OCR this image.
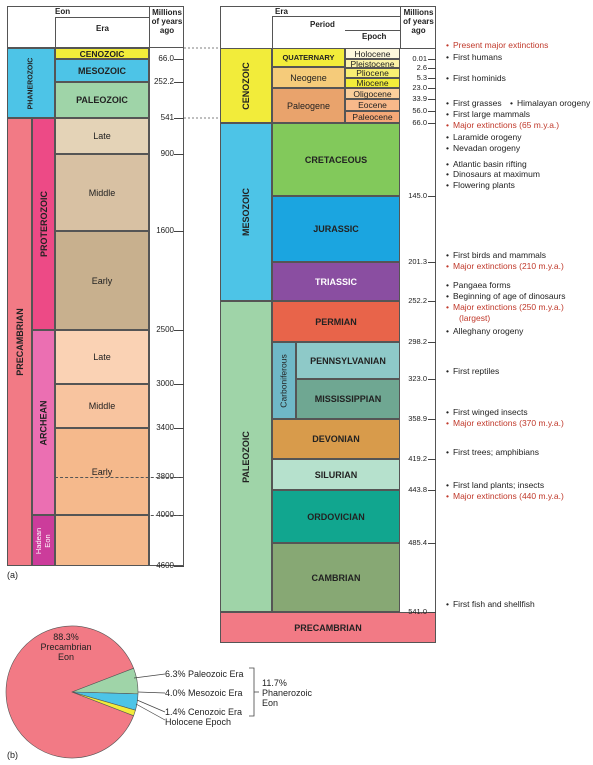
Eon
Era
Millions of years ago
PHANEROZOIC
CENOZOIC
MESOZOIC
PALEOZOIC
PRECAMBRIAN
PROTEROZOIC
ARCHEAN
Hadean Eon
Late
Middle
Early
Late
Middle
Early
66.0
252.2
541
900
1600
2500
3000
3400
3800
4000
4600
(a)
Era
Period
Epoch
Millions of years ago
CENOZOIC
MESOZOIC
PALEOZOIC
QUATERNARY
Neogene
Paleogene
Holocene
Pleistocene
Pliocene
Miocene
Oligocene
Eocene
Paleocene
CRETACEOUS
JURASSIC
TRIASSIC
PERMIAN
Carboniferous	PENNSYLVANIAN
MISSISSIPPIAN
DEVONIAN
SILURIAN
ORDOVICIAN
CAMBRIAN
PRECAMBRIAN
0.01
2.6
5.3
23.0
33.9
56.0
66.0
145.0
201.3
252.2
298.2
323.0
358.9
419.2
443.8
485.4
541.0
• Present major extinctions
• First humans
• First hominids
• First grasses • Himalayan orogeny
• First large mammals
• Major extinctions (65 m.y.a.)
• Laramide orogeny
• Nevadan orogeny
• Atlantic basin rifting
• Dinosaurs at maximum
• Flowering plants
• First birds and mammals
• Major extinctions (210 m.y.a.)
• Pangaea forms
• Beginning of age of dinosaurs
• Major extinctions (250 m.y.a.)
(largest)
• Alleghany orogeny
• First reptiles
• First winged insects
• Major extinctions (370 m.y.a.)
• First trees; amphibians
• First land plants; insects
• Major extinctions (440 m.y.a.)
• First fish and shellfish
88.3%
Precambrian
Eon
6.3% Paleozoic Era
4.0% Mesozoic Era
1.4% Cenozoic Era
Holocene Epoch
11.7%
Phanerozoic
Eon
(b)
